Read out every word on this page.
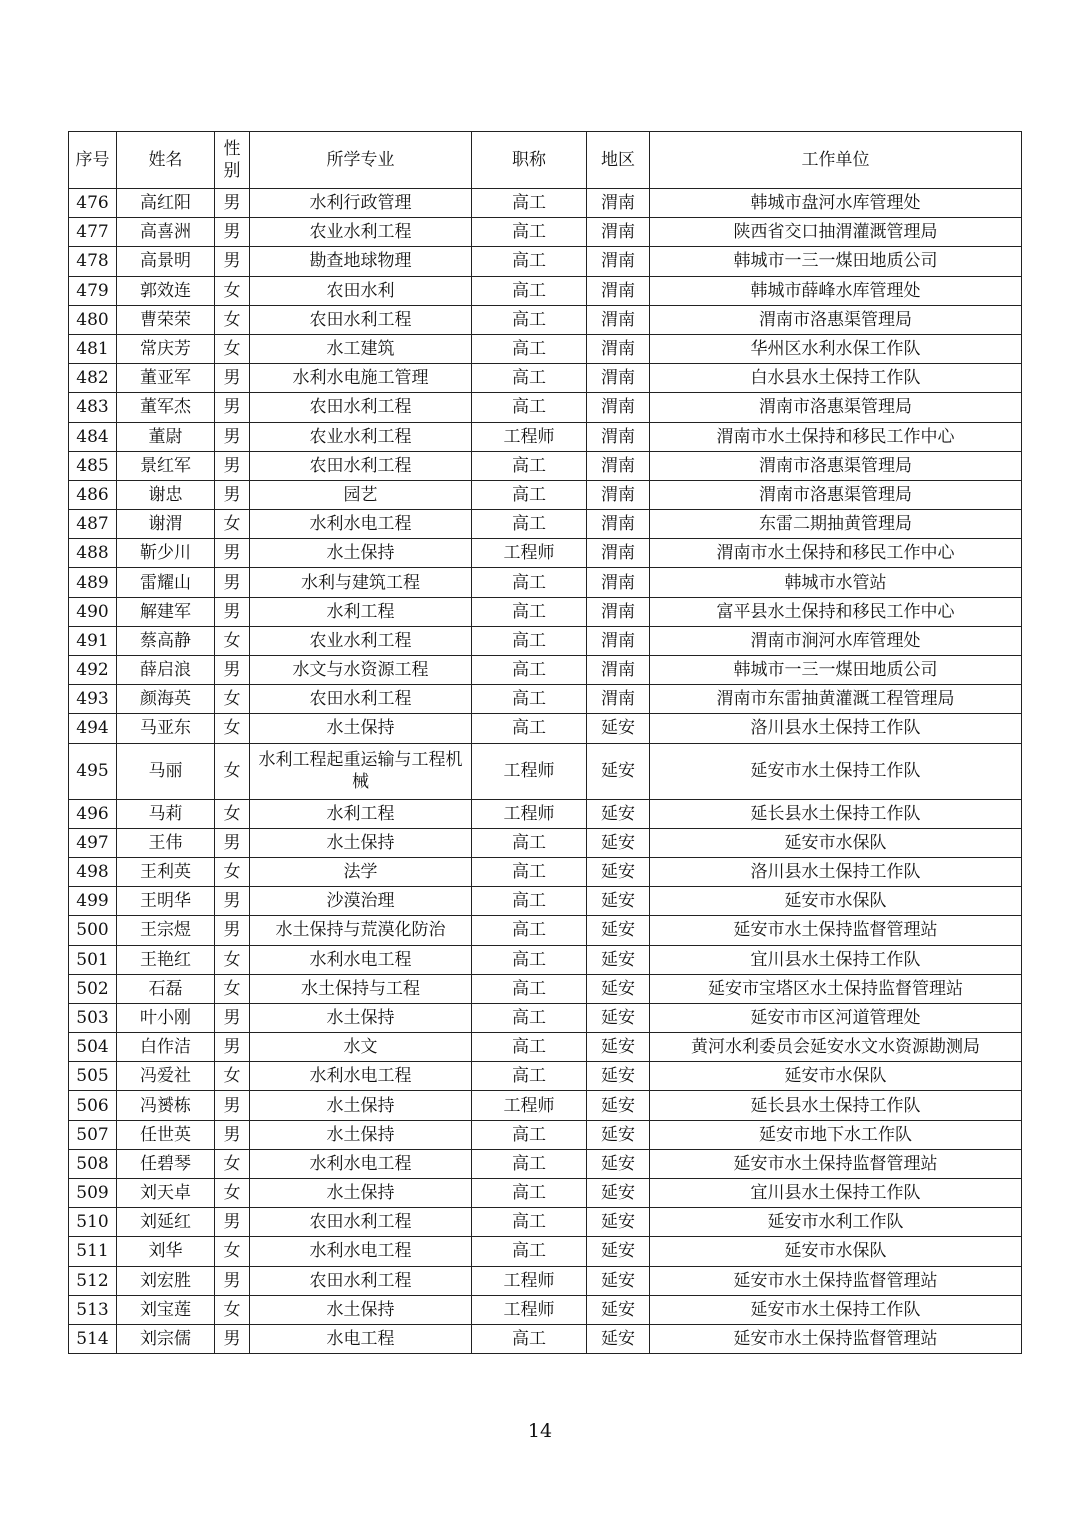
序号	姓名	性别	所学专业	职称	地区	工作单位
476	高红阳	男	水利行政管理	高工	渭南	韩城市盘河水库管理处
477	高喜洲	男	农业水利工程	高工	渭南	陕西省交口抽渭灌溉管理局
478	高景明	男	勘查地球物理	高工	渭南	韩城市一三一煤田地质公司
479	郭效连	女	农田水利	高工	渭南	韩城市薛峰水库管理处
480	曹荣荣	女	农田水利工程	高工	渭南	渭南市洛惠渠管理局
481	常庆芳	女	水工建筑	高工	渭南	华州区水利水保工作队
482	董亚军	男	水利水电施工管理	高工	渭南	白水县水土保持工作队
483	董军杰	男	农田水利工程	高工	渭南	渭南市洛惠渠管理局
484	董尉	男	农业水利工程	工程师	渭南	渭南市水土保持和移民工作中心
485	景红军	男	农田水利工程	高工	渭南	渭南市洛惠渠管理局
486	谢忠	男	园艺	高工	渭南	渭南市洛惠渠管理局
487	谢渭	女	水利水电工程	高工	渭南	东雷二期抽黄管理局
488	靳少川	男	水土保持	工程师	渭南	渭南市水土保持和移民工作中心
489	雷耀山	男	水利与建筑工程	高工	渭南	韩城市水管站
490	解建军	男	水利工程	高工	渭南	富平县水土保持和移民工作中心
491	蔡高静	女	农业水利工程	高工	渭南	渭南市涧河水库管理处
492	薛启浪	男	水文与水资源工程	高工	渭南	韩城市一三一煤田地质公司
493	颜海英	女	农田水利工程	高工	渭南	渭南市东雷抽黄灌溉工程管理局
494	马亚东	女	水土保持	高工	延安	洛川县水土保持工作队
495	马丽	女	水利工程起重运输与工程机械	工程师	延安	延安市水土保持工作队
496	马莉	女	水利工程	工程师	延安	延长县水土保持工作队
497	王伟	男	水土保持	高工	延安	延安市水保队
498	王利英	女	法学	高工	延安	洛川县水土保持工作队
499	王明华	男	沙漠治理	高工	延安	延安市水保队
500	王宗煜	男	水土保持与荒漠化防治	高工	延安	延安市水土保持监督管理站
501	王艳红	女	水利水电工程	高工	延安	宜川县水土保持工作队
502	石磊	女	水土保持与工程	高工	延安	延安市宝塔区水土保持监督管理站
503	叶小刚	男	水土保持	高工	延安	延安市市区河道管理处
504	白作洁	男	水文	高工	延安	黄河水利委员会延安水文水资源勘测局
505	冯爱社	女	水利水电工程	高工	延安	延安市水保队
506	冯赟栋	男	水土保持	工程师	延安	延长县水土保持工作队
507	任世英	男	水土保持	高工	延安	延安市地下水工作队
508	任碧琴	女	水利水电工程	高工	延安	延安市水土保持监督管理站
509	刘天卓	女	水土保持	高工	延安	宜川县水土保持工作队
510	刘延红	男	农田水利工程	高工	延安	延安市水利工作队
511	刘华	女	水利水电工程	高工	延安	延安市水保队
512	刘宏胜	男	农田水利工程	工程师	延安	延安市水土保持监督管理站
513	刘宝莲	女	水土保持	工程师	延安	延安市水土保持工作队
514	刘宗儒	男	水电工程	高工	延安	延安市水土保持监督管理站
14
